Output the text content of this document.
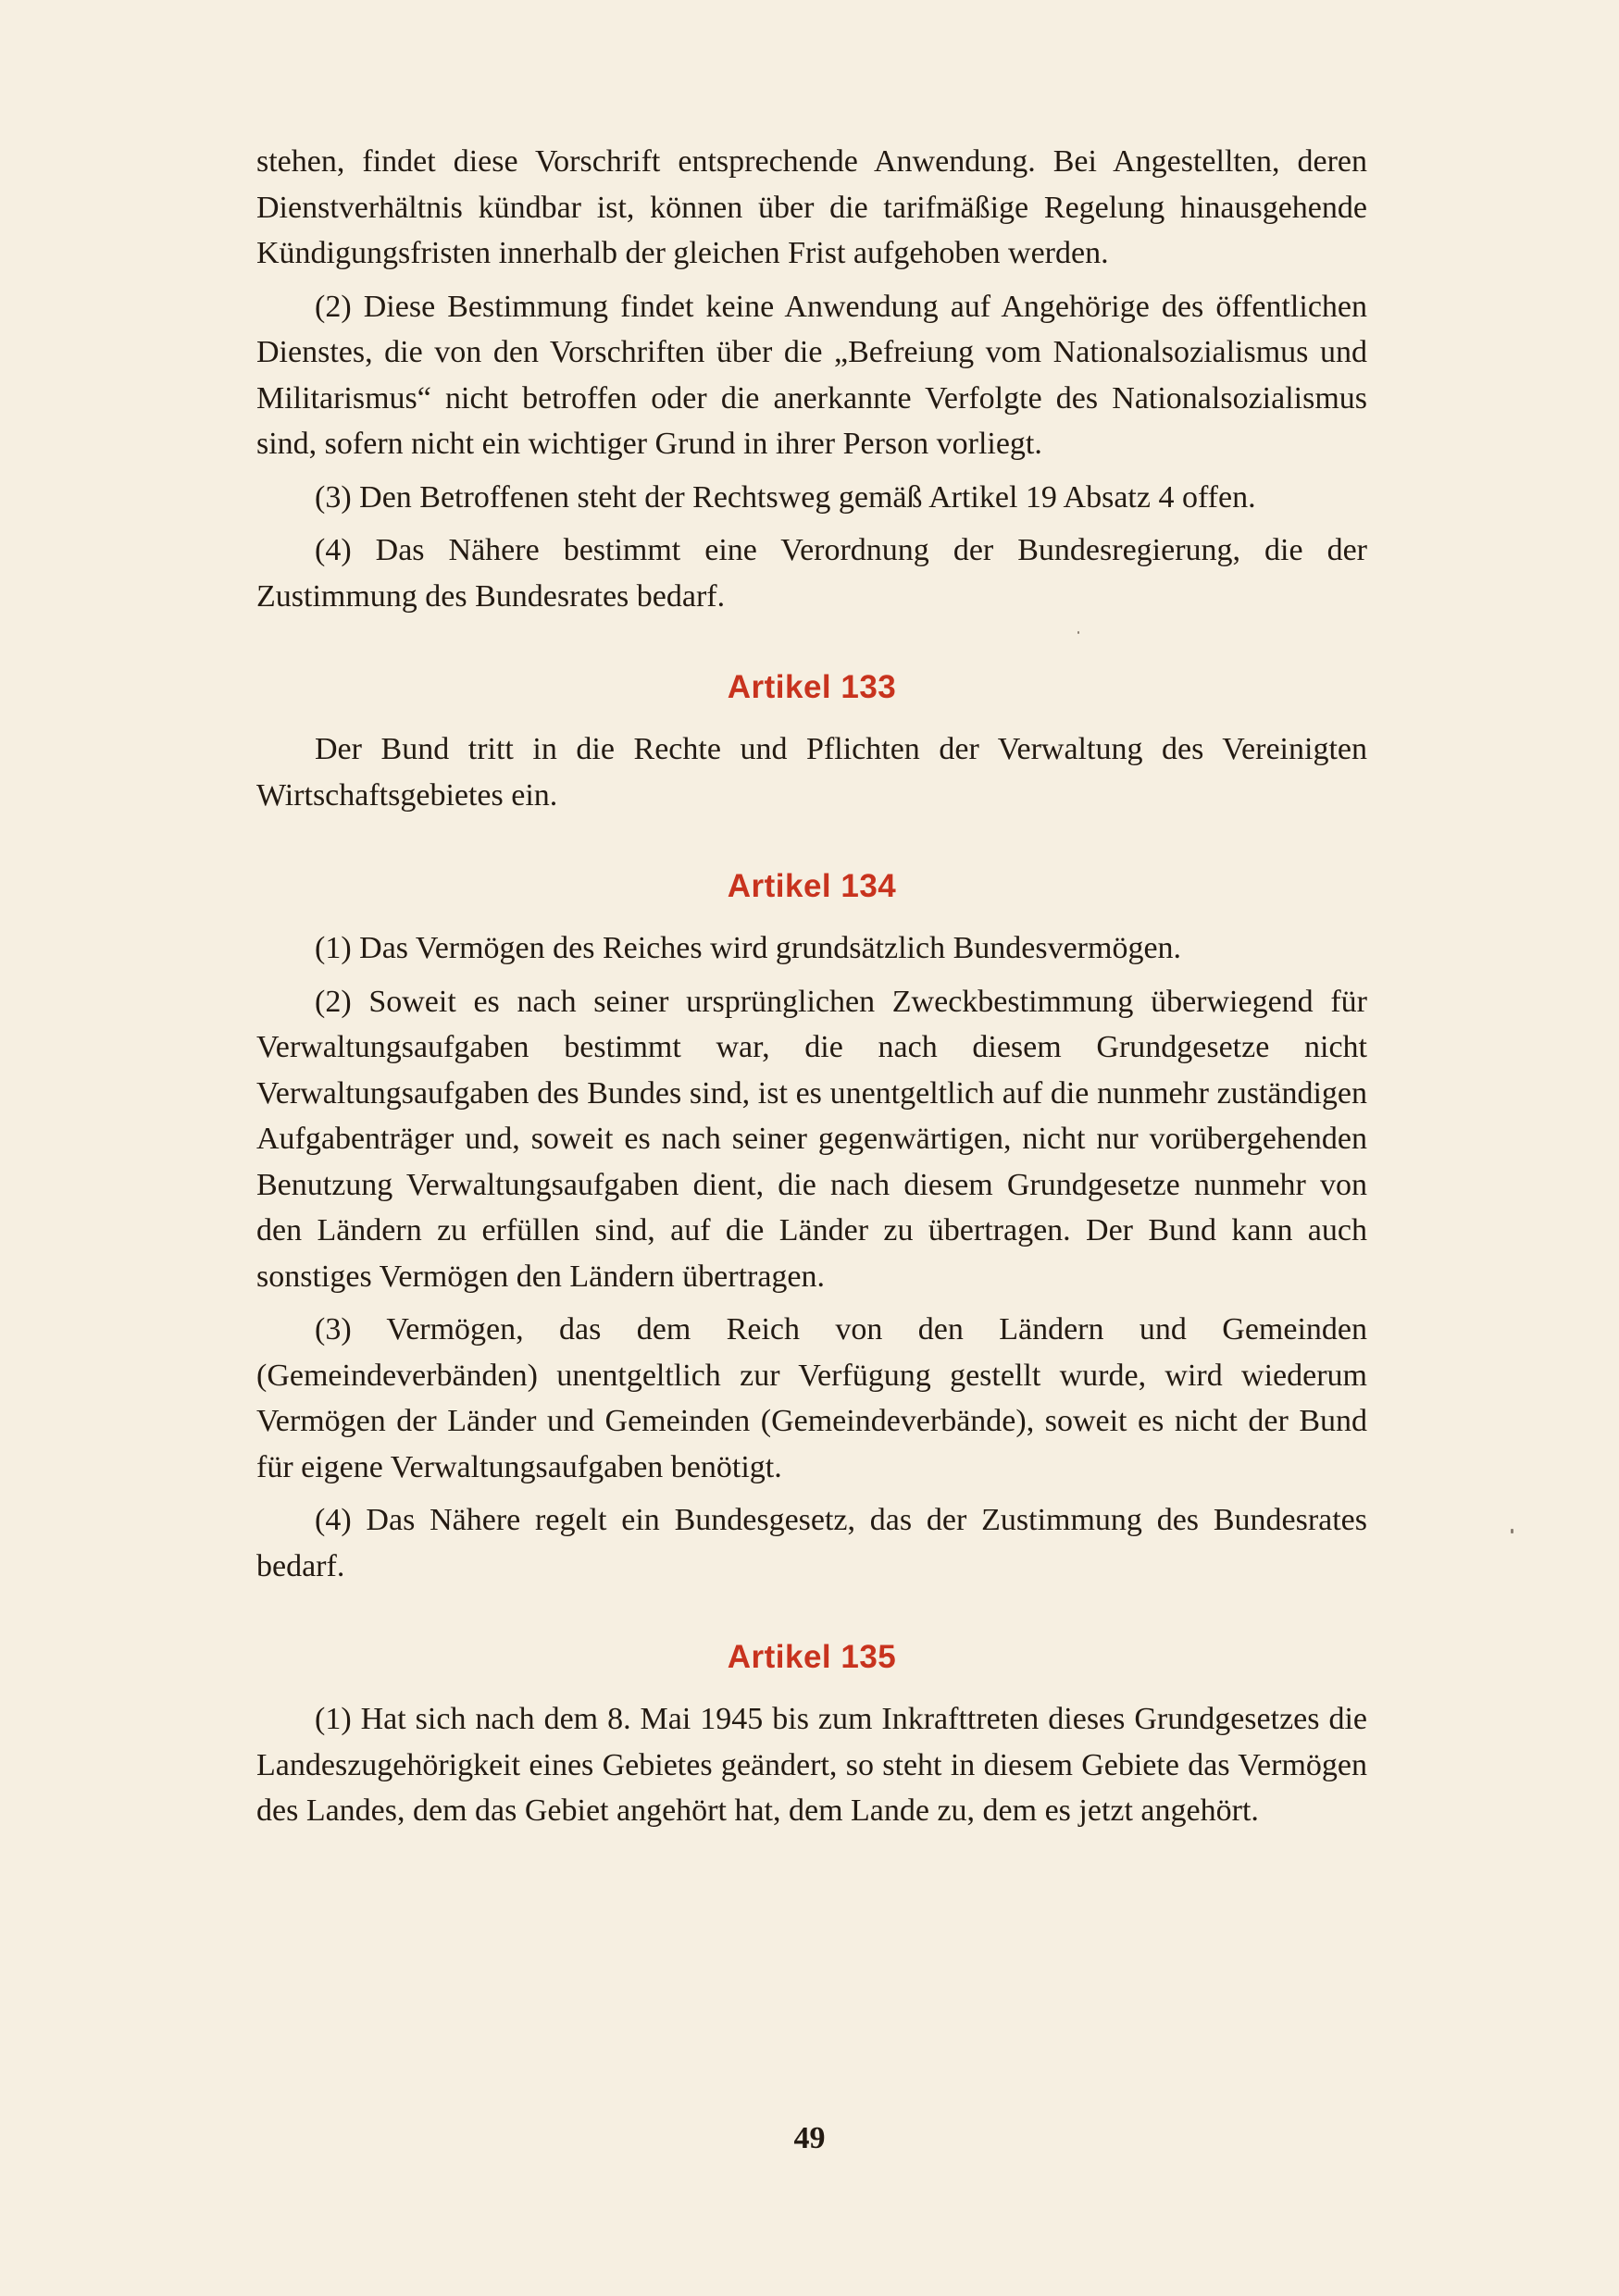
stehen, findet diese Vorschrift entsprechende Anwendung. Bei Angestellten, deren Dienstverhältnis kündbar ist, können über die tarifmäßige Regelung hinausgehende Kündigungsfristen innerhalb der gleichen Frist aufgehoben werden.

(2) Diese Bestimmung findet keine Anwendung auf Angehörige des öffentlichen Dienstes, die von den Vorschriften über die „Befreiung vom Nationalsozialismus und Militarismus“ nicht betroffen oder die anerkannte Verfolgte des Nationalsozialismus sind, sofern nicht ein wichtiger Grund in ihrer Person vorliegt.

(3) Den Betroffenen steht der Rechtsweg gemäß Artikel 19 Absatz 4 offen.

(4) Das Nähere bestimmt eine Verordnung der Bundesregierung, die der Zustimmung des Bundesrates bedarf.

Artikel 133

Der Bund tritt in die Rechte und Pflichten der Verwaltung des Vereinigten Wirtschaftsgebietes ein.

Artikel 134

(1) Das Vermögen des Reiches wird grundsätzlich Bundesvermögen.

(2) Soweit es nach seiner ursprünglichen Zweckbestimmung überwiegend für Verwaltungsaufgaben bestimmt war, die nach diesem Grundgesetze nicht Verwaltungsaufgaben des Bundes sind, ist es unentgeltlich auf die nunmehr zuständigen Aufgabenträger und, soweit es nach seiner gegenwärtigen, nicht nur vorübergehenden Benutzung Verwaltungsaufgaben dient, die nach diesem Grundgesetze nunmehr von den Ländern zu erfüllen sind, auf die Länder zu übertragen. Der Bund kann auch sonstiges Vermögen den Ländern übertragen.

(3) Vermögen, das dem Reich von den Ländern und Gemeinden (Gemeindeverbänden) unentgeltlich zur Verfügung gestellt wurde, wird wiederum Vermögen der Länder und Gemeinden (Gemeindeverbände), soweit es nicht der Bund für eigene Verwaltungsaufgaben benötigt.

(4) Das Nähere regelt ein Bundesgesetz, das der Zustimmung des Bundesrates bedarf.

Artikel 135

(1) Hat sich nach dem 8. Mai 1945 bis zum Inkrafttreten dieses Grundgesetzes die Landeszugehörigkeit eines Gebietes geändert, so steht in diesem Gebiete das Vermögen des Landes, dem das Gebiet angehört hat, dem Lande zu, dem es jetzt angehört.

49
